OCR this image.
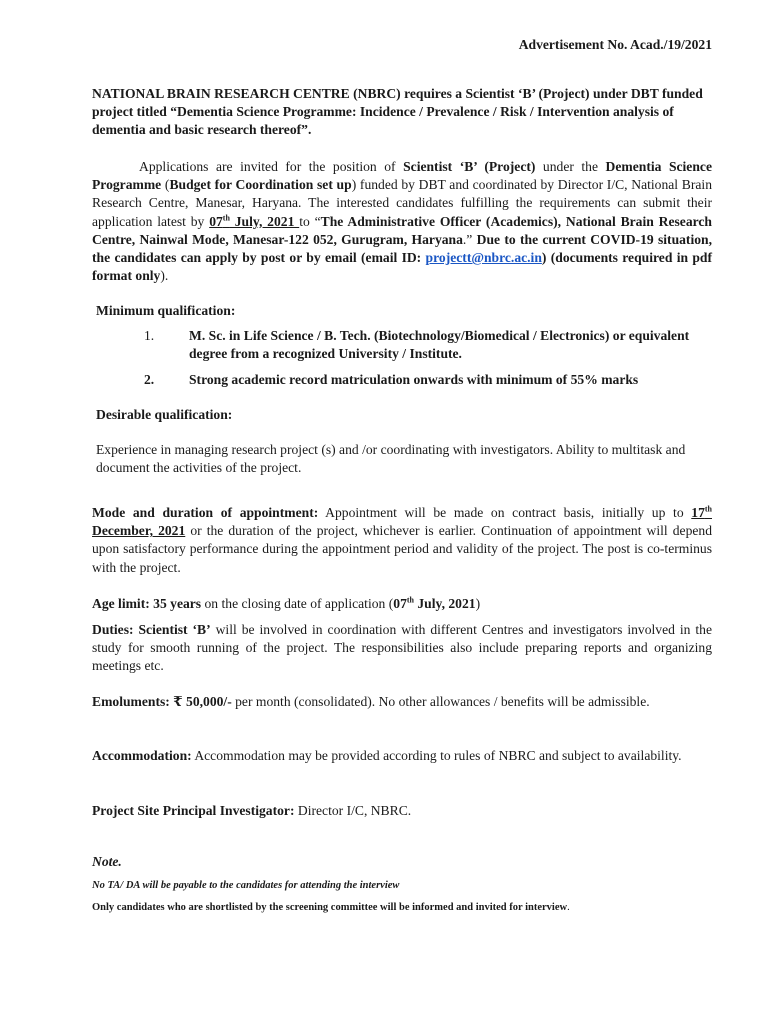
Advertisement No. Acad./19/2021

NATIONAL BRAIN RESEARCH CENTRE (NBRC) requires a Scientist ‘B’ (Project) under DBT funded project titled “Dementia Science Programme: Incidence / Prevalence / Risk / Intervention analysis of dementia and basic research thereof”.

Applications are invited for the position of Scientist ‘B’ (Project) under the Dementia Science Programme (Budget for Coordination set up) funded by DBT and coordinated by Director I/C, National Brain Research Centre, Manesar, Haryana. The interested candidates fulfilling the requirements can submit their application latest by 07th July, 2021 to “The Administrative Officer (Academics), National Brain Research Centre, Nainwal Mode, Manesar-122 052, Gurugram, Haryana.” Due to the current COVID-19 situation, the candidates can apply by post or by email (email ID: projectt@nbrc.ac.in) (documents required in pdf format only).

Minimum qualification:
1.	M. Sc. in Life Science / B. Tech. (Biotechnology/Biomedical / Electronics) or equivalent degree from a recognized University / Institute.
2.	Strong academic record matriculation onwards with minimum of 55% marks
Desirable qualification:

Experience in managing research project (s) and /or coordinating with investigators. Ability to multitask and document the activities of the project.

Mode and duration of appointment: Appointment will be made on contract basis, initially up to 17th December, 2021 or the duration of the project, whichever is earlier. Continuation of appointment will depend upon satisfactory performance during the appointment period and validity of the project. The post is co-terminus with the project.

Age limit: 35 years on the closing date of application (07th July, 2021)

Duties: Scientist ‘B’ will be involved in coordination with different Centres and investigators involved in the study for smooth running of the project. The responsibilities also include preparing reports and organizing meetings etc.

Emoluments: ₹ 50,000/- per month (consolidated). No other allowances / benefits will be admissible.

Accommodation: Accommodation may be provided according to rules of NBRC and subject to availability.

Project Site Principal Investigator: Director I/C, NBRC.

Note.
No TA/ DA will be payable to the candidates for attending the interview
Only candidates who are shortlisted by the screening committee will be informed and invited for interview.
